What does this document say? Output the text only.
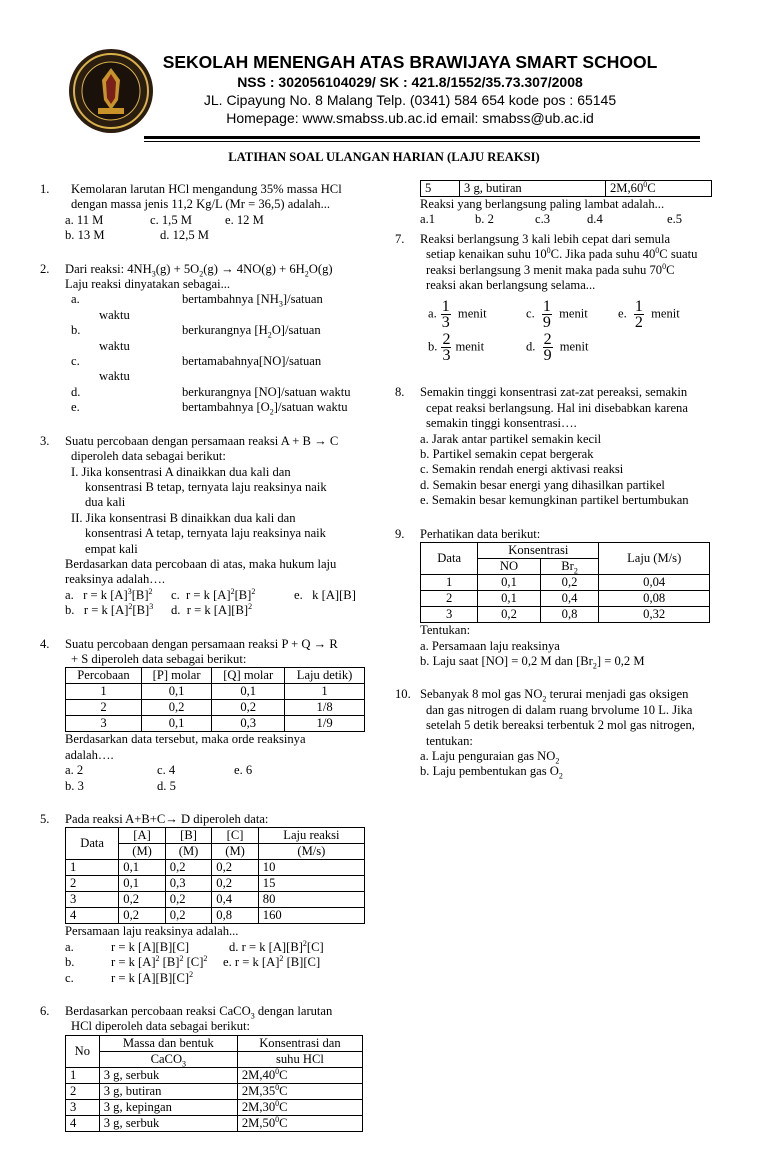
SEKOLAH MENENGAH ATAS BRAWIJAYA SMART SCHOOL
NSS : 302056104029/ SK : 421.8/1552/35.73.307/2008
JL. Cipayung No. 8 Malang Telp. (0341) 584 654 kode pos : 65145
Homepage: www.smabss.ub.ac.id email: smabss@ub.ac.id
LATIHAN SOAL ULANGAN HARIAN (LAJU REAKSI)
1.	Kemolaran larutan HCl mengandung 35% massa HCl
dengan massa jenis 11,2 Kg/L (Mr = 36,5) adalah...
a. 11 M	c. 1,5 M	e. 12 M
b. 13 M	d. 12,5 M
2. Dari reaksi: $4NH_3(g) + 5O_2(g) \to 4NO(g) + 6H_2O(g)$
Laju reaksi dinyatakan sebagai...
a.	bertambahnya $[NH_3]$/satuan
waktu
b.	berkurangnya $[H_2O]$/satuan
waktu
c.	bertamabahnya[NO]/satuan
waktu
d.	berkurangnya [NO]/satuan waktu
e.	bertambahnya $[O_2]$/satuan waktu
3. Suatu percobaan dengan persamaan reaksi A + B → C
diperoleh data sebagai berikut:
I. Jika konsentrasi A dinaikkan dua kali dan
konsentrasi B tetap, ternyata laju reaksinya naik
dua kali
II. Jika konsentrasi B dinaikkan dua kali dan
konsentrasi A tetap, ternyata laju reaksinya naik
empat kali
Berdasarkan data percobaan di atas, maka hukum laju
reaksinya adalah….
a.   r = k $[A]^3[B]^2$	c.  r = k $[A]^2[B]^2$	e.   k [A][B]
b.   r = k $[A]^2[B]^3$	d.  r = k $[A][B]^2$
4. Suatu percobaan dengan persamaan reaksi P + Q → R
+ S diperoleh data sebagai berikut:
Percobaan	[P] molar	[Q] molar	Laju detik)
1	0,1	0,1	1
2	0,2	0,2	1/8
3	0,1	0,3	1/9
Berdasarkan data tersebut, maka orde reaksinya
adalah….
a. 2	c. 4	e. 6
b. 3	d. 5
5. Pada reaksi A+B+C→ D diperoleh data:
Data	[A]	[B]	[C]	Laju reaksi
	(M)	(M)	(M)	(M/s)
1	0,1	0,2	0,2	10
2	0,1	0,3	0,2	15
3	0,2	0,2	0,4	80
4	0,2	0,2	0,8	160
Persamaan laju reaksinya adalah...
a.	r = k [A][B][C]	d. r = k $[A][B]^2[C]$
b.	r = k $[A]^2$ $[B]^2$ $[C]^2$	e. r = k $[A]^2$ [B][C]
c.	r = k $[A][B][C]^2$
6. Berdasarkan percobaan reaksi CaCO$_3$ dengan larutan
HCl diperoleh data sebagai berikut:
No	Massa dan bentuk	Konsentrasi dan
	CaCO$_3$	suhu HCl
1	3 g, serbuk	$2M,40^0C$
2	3 g, butiran	$2M,35^0C$
3	3 g, kepingan	$2M,30^0C$
4	3 g, serbuk	$2M,50^0C$
5	3 g, butiran	$2M,60^0C$
Reaksi yang berlangsung paling lambat adalah...
a.1	b. 2	c.3	d.4	e.5
7. Reaksi berlangsung 3 kali lebih cepat dari semula
setiap kenaikan suhu $10^0C$. Jika pada suhu $40^0C$ suatu
reaksi berlangsung 3 menit maka pada suhu $70^0C$
reaksi akan berlangsung selama...
a. $\frac{1}{3}$ menit	c. $\frac{1}{9}$ menit	e. $\frac{1}{2}$ menit
b. $\frac{2}{3}$ menit	d. $\frac{2}{9}$ menit
8. Semakin tinggi konsentrasi zat-zat pereaksi, semakin
cepat reaksi berlangsung. Hal ini disebabkan karena
semakin tinggi konsentrasi….
a. Jarak antar partikel semakin kecil
b. Partikel semakin cepat bergerak
c. Semakin rendah energi aktivasi reaksi
d. Semakin besar energi yang dihasilkan partikel
e. Semakin besar kemungkinan partikel bertumbukan
9. Perhatikan data berikut:
Data	Konsentrasi		Laju (M/s)
	NO	$Br_2$
1	0,1	0,2	0,04
2	0,1	0,4	0,08
3	0,2	0,8	0,32
Tentukan:
a. Persamaan laju reaksinya
b. Laju saat [NO] = 0,2 M dan $[Br_2] = 0,2$ M
10. Sebanyak 8 mol gas $NO_2$ terurai menjadi gas oksigen
dan gas nitrogen di dalam ruang brvolume 10 L. Jika
setelah 5 detik bereaksi terbentuk 2 mol gas nitrogen,
tentukan:
a. Laju penguraian gas $NO_2$
b. Laju pembentukan gas $O_2$
